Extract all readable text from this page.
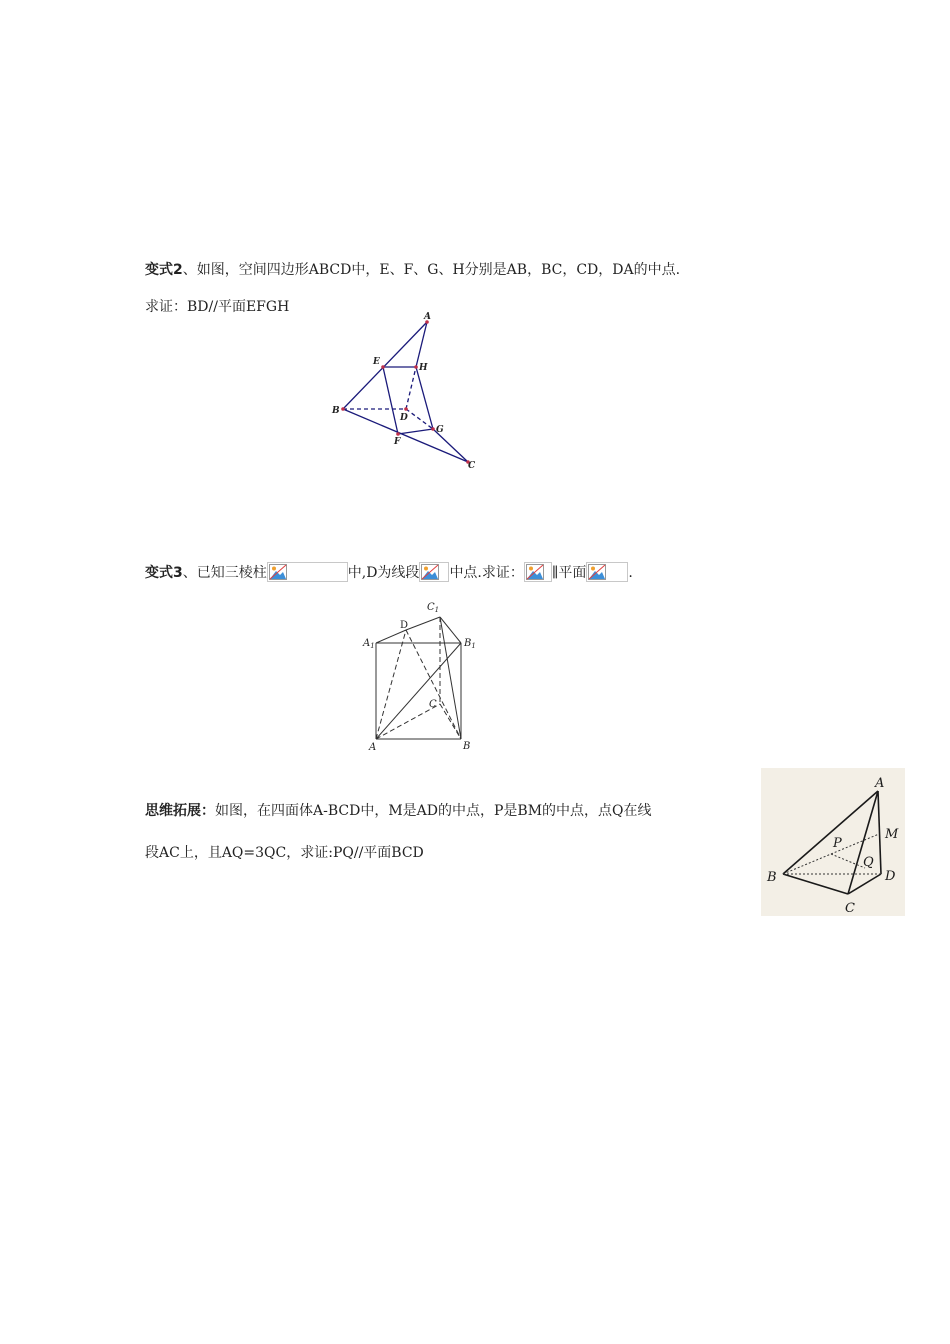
变式2、如图，空间四边形ABCD中，E、F、G、H分别是AB，BC，CD，DA的中点.
求证：BD//平面EFGH
A
E
H
B
D
F
G
C
变式3、已知三棱柱	中,D为线段 中点.求证： ∥平面	.
$C_1$
D
$A_1$	$B_1$
C
A	B
思维拓展：如图，在四面体A-BCD中，M是AD的中点，P是BM的中点，点Q在线
段AC上，且AQ=3QC，求证:PQ//平面BCD
A
M
P
Q
B	D
C
